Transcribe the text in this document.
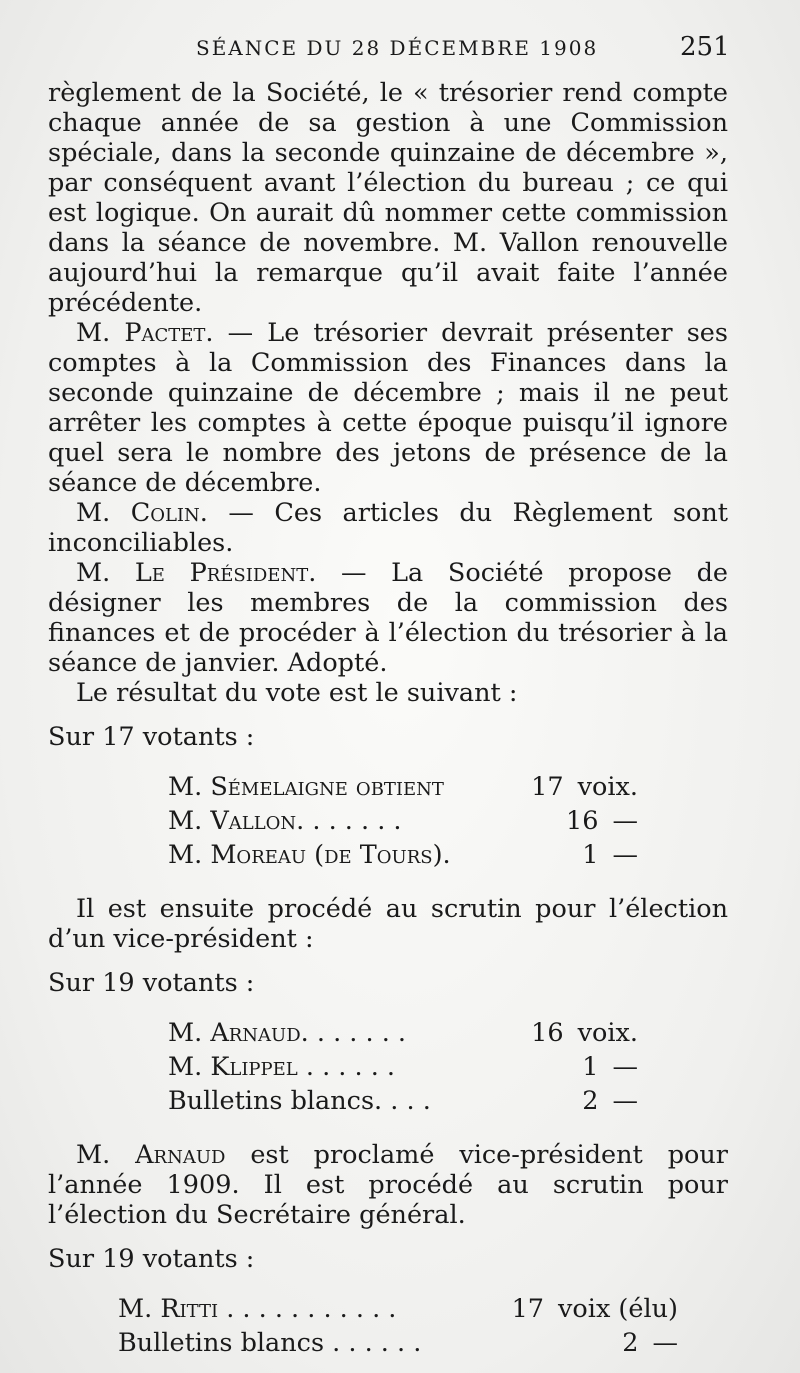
SÉANCE DU 28 DÉCEMBRE 1908	251

règlement de la Société, le « trésorier rend compte chaque année de sa gestion à une Commission spéciale, dans la seconde quinzaine de décembre », par conséquent avant l’élection du bureau ; ce qui est logique. On aurait dû nommer cette commission dans la séance de novembre. M. Vallon renouvelle aujourd’hui la remarque qu’il avait faite l’année précédente.

M. Pactet. — Le trésorier devrait présenter ses comptes à la Commission des Finances dans la seconde quinzaine de décembre ; mais il ne peut arrêter les comptes à cette époque puisqu’il ignore quel sera le nombre des jetons de présence de la séance de décembre.

M. Colin. — Ces articles du Règlement sont inconciliables.

M. Le Président. — La Société propose de désigner les membres de la commission des finances et de procéder à l’élection du trésorier à la séance de janvier. Adopté.

Le résultat du vote est le suivant :

Sur 17 votants :

M. Sémelaigne obtient	17 voix.
M. Vallon. . . . . . .	16 —
M. Moreau (de Tours).	1 —

Il est ensuite procédé au scrutin pour l’élection d’un vice-président :

Sur 19 votants :

M. Arnaud. . . . . . .	16 voix.
M. Klippel . . . . . .	1 —
Bulletins blancs. . . .	2 —

M. Arnaud est proclamé vice-président pour l’année 1909. Il est procédé au scrutin pour l’élection du Secrétaire général.

Sur 19 votants :

M. Ritti . . . . . . . . . . .	17 voix (élu)
Bulletins blancs . . . . . .	2 —
